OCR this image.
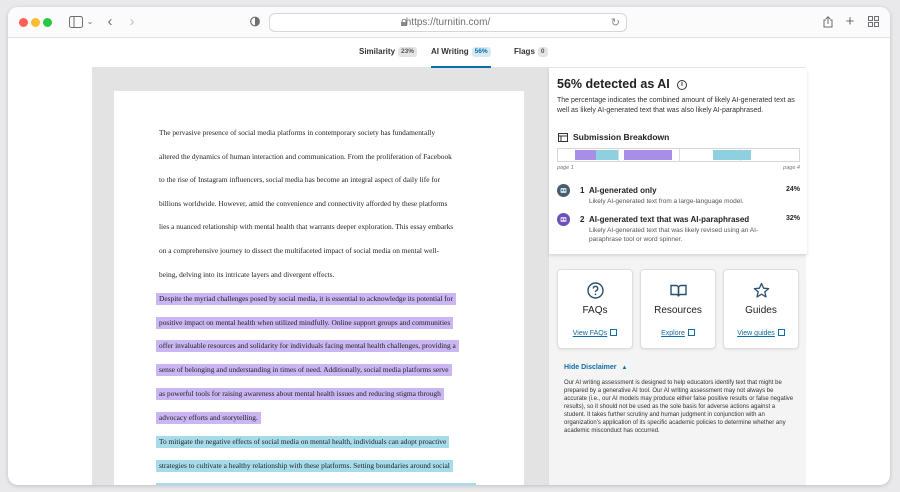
⌄ ‹ ›	https://turnitin.com/	↻	+
Similarity 23%	AI Writing 56%	Flags 0
The pervasive presence of social media platforms in contemporary society has fundamentally
altered the dynamics of human interaction and communication. From the proliferation of Facebook
to the rise of Instagram influencers, social media has become an integral aspect of daily life for
billions worldwide. However, amid the convenience and connectivity afforded by these platforms
lies a nuanced relationship with mental health that warrants deeper exploration. This essay embarks
on a comprehensive journey to dissect the multifaceted impact of social media on mental well-
being, delving into its intricate layers and divergent effects.
Despite the myriad challenges posed by social media, it is essential to acknowledge its potential for
positive impact on mental health when utilized mindfully. Online support groups and communities
offer invaluable resources and solidarity for individuals facing mental health challenges, providing a
sense of belonging and understanding in times of need. Additionally, social media platforms serve
as powerful tools for raising awareness about mental health issues and reducing stigma through
advocacy efforts and storytelling.
To mitigate the negative effects of social media on mental health, individuals can adopt proactive
strategies to cultivate a healthy relationship with these platforms. Setting boundaries around social
56% detected as AI	i
The percentage indicates the combined amount of likely AI-generated text as well as likely AI-generated text that was also likely AI-paraphrased.
Submission Breakdown
page 1	page 4
1 AI-generated only
Likely AI-generated text from a large-language model.
24%
2 AI-generated text that was AI-paraphrased
Likely AI-generated text that was likely revised using an AI-paraphrase tool or word spinner.
32%
FAQs
View FAQs
Resources
Explore
Guides
View guides
Hide Disclaimer ▲
Our AI writing assessment is designed to help educators identify text that might be prepared by a generative AI tool. Our AI writing assessment may not always be accurate (i.e., our AI models may produce either false positive results or false negative results), so it should not be used as the sole basis for adverse actions against a student. It takes further scrutiny and human judgment in conjunction with an organization's application of its specific academic policies to determine whether any academic misconduct has occurred.
